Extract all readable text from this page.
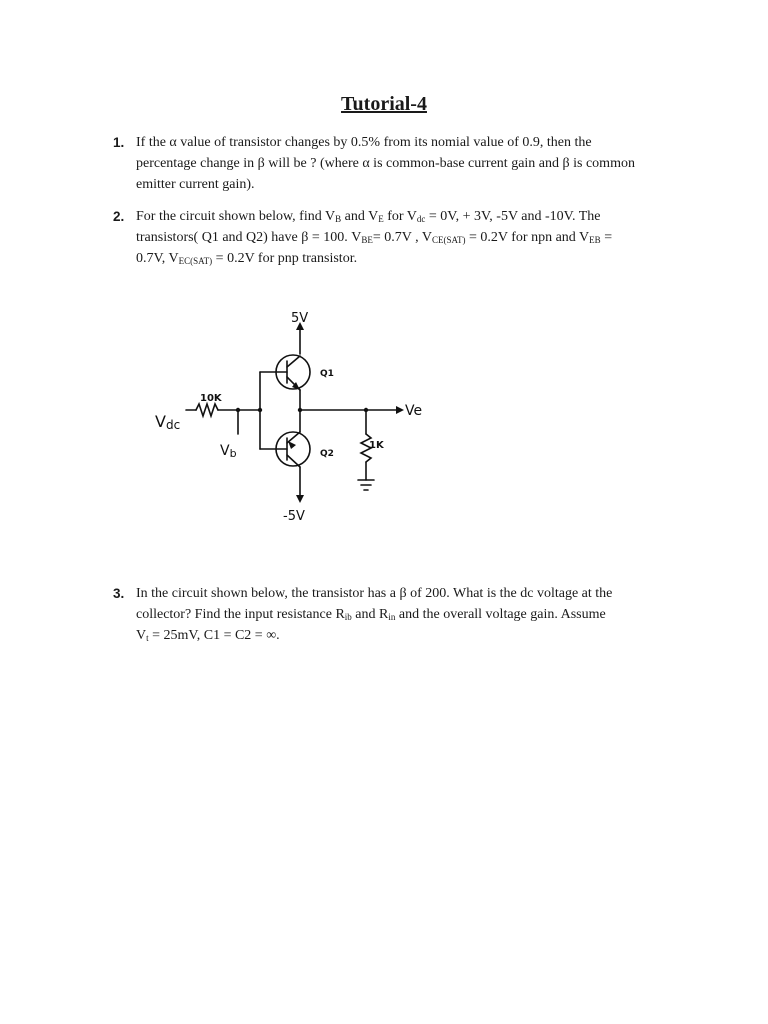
Tutorial-4
1. If the α value of transistor changes by 0.5% from its nomial value of 0.9, then the
percentage change in β will be ? (where α is common-base current gain and β is common
emitter current gain).
2. For the circuit shown below, find $V_B$ and $V_E$ for $V_{dc} = 0V$, + 3V, -5V and -10V. The
transistors( Q1 and Q2) have β = 100. $V_{BE}= 0.7V$ , $V_{CE(SAT)} = 0.2V$ for npn and $V_{EB}$ =
0.7V, $V_{EC(SAT)} = 0.2V$ for pnp transistor.
5V
Q1
10K
Vdc
Ve
Vb
1K
Q2
-5V
3. In the circuit shown below, the transistor has a β of 200. What is the dc voltage at the
collector? Find the input resistance $R_{ib}$ and $R_{in}$ and the overall voltage gain. Assume
$V_t = 25mV$, C1 = C2 = ∞.
